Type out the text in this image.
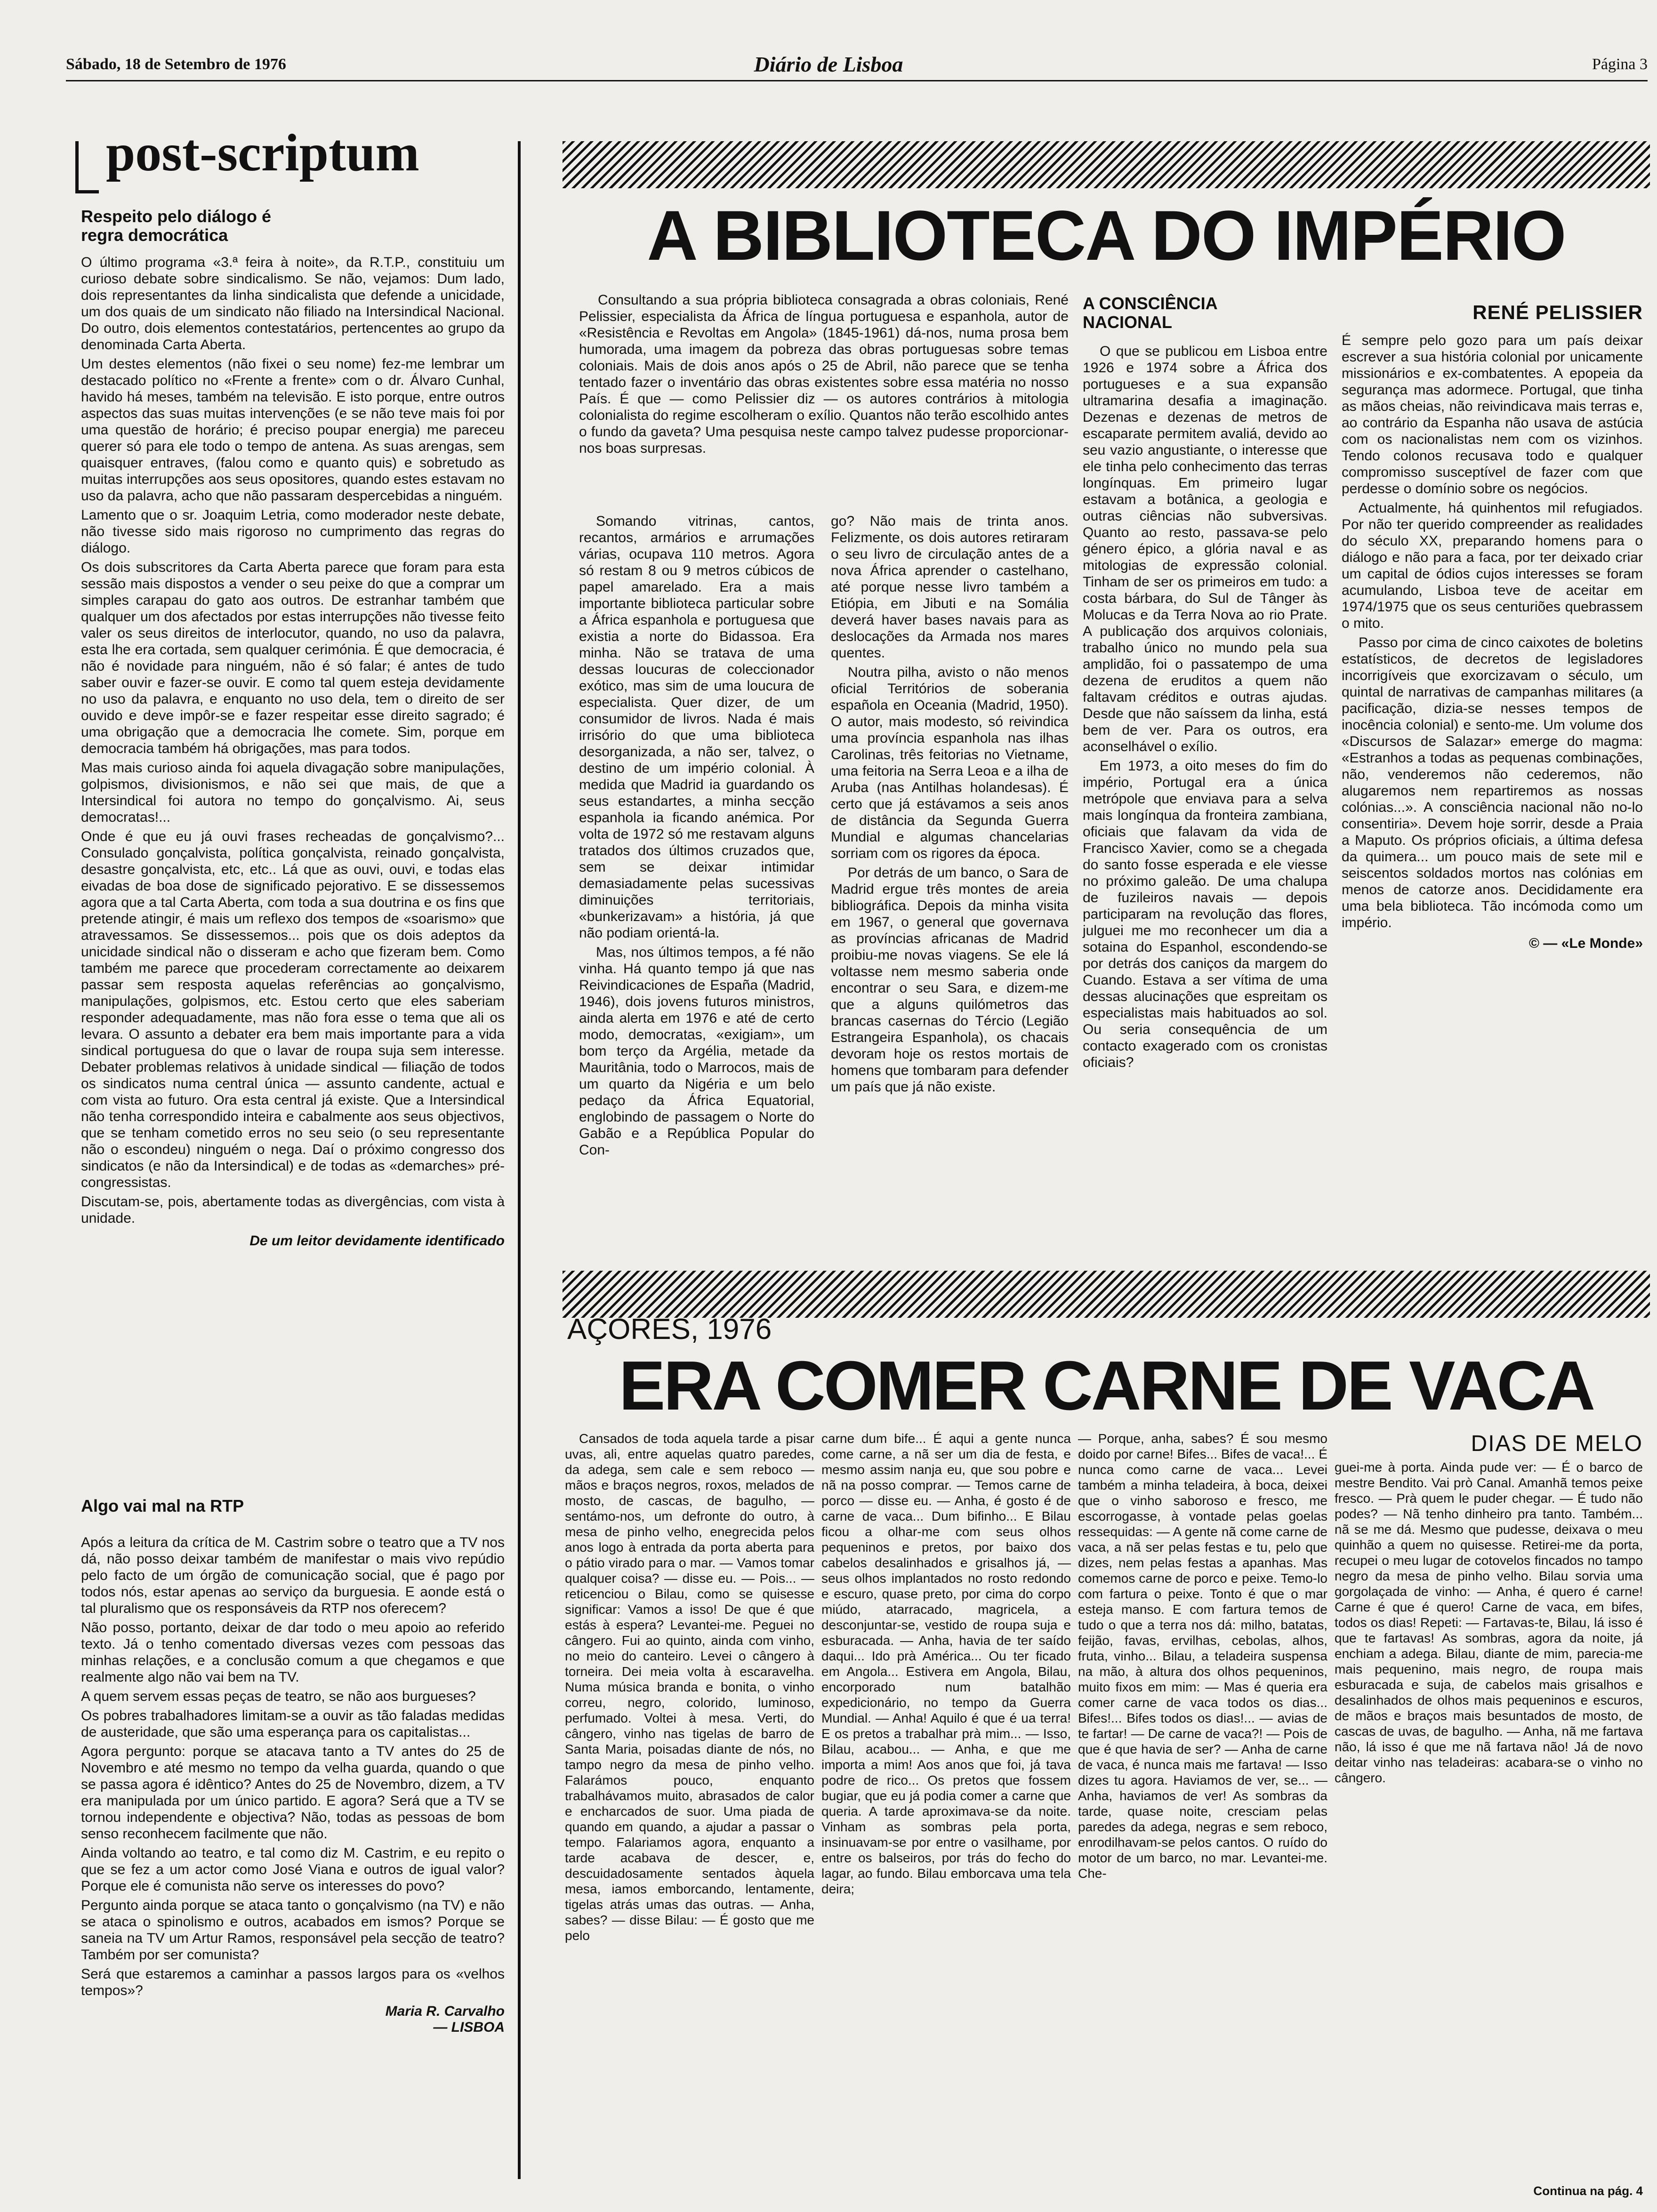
Sábado, 18 de Setembro de 1976	Diário de Lisboa	Página 3
post-scriptum
Respeito pelo diálogo é regra democrática

O último programa «3.ª feira à noite», da R.T.P., constituiu um curioso debate sobre sindicalismo. Se não, vejamos: Dum lado, dois representantes da linha sindicalista que defende a unicidade, um dos quais de um sindicato não filiado na Intersindical Nacional. Do outro, dois elementos contestatários, pertencentes ao grupo da denominada Carta Aberta.

Um destes elementos (não fixei o seu nome) fez-me lembrar um destacado político no «Frente a frente» com o dr. Álvaro Cunhal, havido há meses, também na televisão. E isto porque, entre outros aspectos das suas muitas intervenções (e se não teve mais foi por uma questão de horário; é preciso poupar energia) me pareceu querer só para ele todo o tempo de antena. As suas arengas, sem quaisquer entraves, (falou como e quanto quis) e sobretudo as muitas interrupções aos seus opositores, quando estes estavam no uso da palavra, acho que não passaram despercebidas a ninguém.

Lamento que o sr. Joaquim Letria, como moderador neste debate, não tivesse sido mais rigoroso no cumprimento das regras do diálogo.

Os dois subscritores da Carta Aberta parece que foram para esta sessão mais dispostos a vender o seu peixe do que a comprar um simples carapau do gato aos outros. De estranhar também que qualquer um dos afectados por estas interrupções não tivesse feito valer os seus direitos de interlocutor, quando, no uso da palavra, esta lhe era cortada, sem qualquer cerimónia. É que democracia, é não é novidade para ninguém, não é só falar; é antes de tudo saber ouvir e fazer-se ouvir. E como tal quem esteja devidamente no uso da palavra, e enquanto no uso dela, tem o direito de ser ouvido e deve impôr-se e fazer respeitar esse direito sagrado; é uma obrigação que a democracia lhe comete. Sim, porque em democracia também há obrigações, mas para todos.

Mas mais curioso ainda foi aquela divagação sobre manipulações, golpismos, divisionismos, e não sei que mais, de que a Intersindical foi autora no tempo do gonçalvismo. Ai, seus democratas!...

Onde é que eu já ouvi frases recheadas de gonçalvismo?... Consulado gonçalvista, política gonçalvista, reinado gonçalvista, desastre gonçalvista, etc, etc.. Lá que as ouvi, ouvi, e todas elas eivadas de boa dose de significado pejorativo. E se dissessemos agora que a tal Carta Aberta, com toda a sua doutrina e os fins que pretende atingir, é mais um reflexo dos tempos de «soarismo» que atravessamos. Se dissessemos... pois que os dois adeptos da unicidade sindical não o disseram e acho que fizeram bem. Como também me parece que procederam correctamente ao deixarem passar sem resposta aquelas referências ao gonçalvismo, manipulações, golpismos, etc. Estou certo que eles saberiam responder adequadamente, mas não fora esse o tema que ali os levara. O assunto a debater era bem mais importante para a vida sindical portuguesa do que o lavar de roupa suja sem interesse. Debater problemas relativos à unidade sindical — filiação de todos os sindicatos numa central única — assunto candente, actual e com vista ao futuro. Ora esta central já existe. Que a Intersindical não tenha correspondido inteira e cabalmente aos seus objectivos, que se tenham cometido erros no seu seio (o seu representante não o escondeu) ninguém o nega. Daí o próximo congresso dos sindicatos (e não da Intersindical) e de todas as «demarches» pré-congressistas.

Discutam-se, pois, abertamente todas as divergências, com vista à unidade.

De um leitor devidamente identificado
Algo vai mal na RTP

Após a leitura da crítica de M. Castrim sobre o teatro que a TV nos dá, não posso deixar também de manifestar o mais vivo repúdio pelo facto de um órgão de comunicação social, que é pago por todos nós, estar apenas ao serviço da burguesia. E aonde está o tal pluralismo que os responsáveis da RTP nos oferecem?

Não posso, portanto, deixar de dar todo o meu apoio ao referido texto. Já o tenho comentado diversas vezes com pessoas das minhas relações, e a conclusão comum a que chegamos e que realmente algo não vai bem na TV.

A quem servem essas peças de teatro, se não aos burgueses?

Os pobres trabalhadores limitam-se a ouvir as tão faladas medidas de austeridade, que são uma esperança para os capitalistas...

Agora pergunto: porque se atacava tanto a TV antes do 25 de Novembro e até mesmo no tempo da velha guarda, quando o que se passa agora é idêntico? Antes do 25 de Novembro, dizem, a TV era manipulada por um único partido. E agora? Será que a TV se tornou independente e objectiva? Não, todas as pessoas de bom senso reconhecem facilmente que não.

Ainda voltando ao teatro, e tal como diz M. Castrim, e eu repito o que se fez a um actor como José Viana e outros de igual valor? Porque ele é comunista não serve os interesses do povo?

Pergunto ainda porque se ataca tanto o gonçalvismo (na TV) e não se ataca o spinolismo e outros, acabados em ismos? Porque se saneia na TV um Artur Ramos, responsável pela secção de teatro? Também por ser comunista?

Será que estaremos a caminhar a passos largos para os «velhos tempos»?

Maria R. Carvalho
— LISBOA
A BIBLIOTECA DO IMPÉRIO

Consultando a sua própria biblioteca consagrada a obras coloniais, René Pelissier, especialista da África de língua portuguesa e espanhola, autor de «Resistência e Revoltas em Angola» (1845-1961) dá-nos, numa prosa bem humorada, uma imagem da pobreza das obras portuguesas sobre temas coloniais. Mais de dois anos após o 25 de Abril, não parece que se tenha tentado fazer o inventário das obras existentes sobre essa matéria no nosso País. É que — como Pelissier diz — os autores contrários à mitologia colonialista do regime escolheram o exílio. Quantos não terão escolhido antes o fundo da gaveta? Uma pesquisa neste campo talvez pudesse proporcionar-nos boas surpresas.

Somando vitrinas, cantos, recantos, armários e arrumações várias, ocupava 110 metros. Agora só restam 8 ou 9 metros cúbicos de papel amarelado. Era a mais importante biblioteca particular sobre a África espanhola e portuguesa que existia a norte do Bidassoa. Era minha. Não se tratava de uma dessas loucuras de coleccionador exótico, mas sim de uma loucura de especialista. Quer dizer, de um consumidor de livros. Nada é mais irrisório do que uma biblioteca desorganizada, a não ser, talvez, o destino de um império colonial. À medida que Madrid ia guardando os seus estandartes, a minha secção espanhola ia ficando anémica. Por volta de 1972 só me restavam alguns tratados dos últimos cruzados que, sem se deixar intimidar demasiadamente pelas sucessivas diminuições territoriais, «bunkerizavam» a história, já que não podiam orientá-la.

Mas, nos últimos tempos, a fé não vinha. Há quanto tempo já que nas Reivindicaciones de España (Madrid, 1946), dois jovens futuros ministros, ainda alerta em 1976 e até de certo modo, democratas, «exigiam», um bom terço da Argélia, metade da Mauritânia, todo o Marrocos, mais de um quarto da Nigéria e um belo pedaço da África Equatorial, englobindo de passagem o Norte do Gabão e a República Popular do Con-

go? Não mais de trinta anos. Felizmente, os dois autores retiraram o seu livro de circulação antes de a nova África aprender o castelhano, até porque nesse livro também a Etiópia, em Jibuti e na Somália deverá haver bases navais para as deslocações da Armada nos mares quentes.

Noutra pilha, avisto o não menos oficial Territórios de soberania española en Oceania (Madrid, 1950). O autor, mais modesto, só reivindica uma província espanhola nas ilhas Carolinas, três feitorias no Vietname, uma feitoria na Serra Leoa e a ilha de Aruba (nas Antilhas holandesas). É certo que já estávamos a seis anos de distância da Segunda Guerra Mundial e algumas chancelarias sorriam com os rigores da época.

Por detrás de um banco, o Sara de Madrid ergue três montes de areia bibliográfica. Depois da minha visita em 1967, o general que governava as províncias africanas de Madrid proibiu-me novas viagens. Se ele lá voltasse nem mesmo saberia onde encontrar o seu Sara, e dizem-me que a alguns quilómetros das brancas casernas do Tércio (Legião Estrangeira Espanhola), os chacais devoram hoje os restos mortais de homens que tombaram para defender um país que já não existe.

A CONSCIÊNCIA NACIONAL

O que se publicou em Lisboa entre 1926 e 1974 sobre a África dos portugueses e a sua expansão ultramarina desafia a imaginação. Dezenas e dezenas de metros de escaparate permitem avaliá, devido ao seu vazio angustiante, o interesse que ele tinha pelo conhecimento das terras longínquas. Em primeiro lugar estavam a botânica, a geologia e outras ciências não subversivas. Quanto ao resto, passava-se pelo género épico, a glória naval e as mitologias de expressão colonial. Tinham de ser os primeiros em tudo: a costa bárbara, do Sul de Tânger às Molucas e da Terra Nova ao rio Prate. A publicação dos arquivos coloniais, trabalho único no mundo pela sua amplidão, foi o passatempo de uma dezena de eruditos a quem não faltavam créditos e outras ajudas. Desde que não saíssem da linha, está bem de ver. Para os outros, era aconselhável o exílio.

Em 1973, a oito meses do fim do império, Portugal era a única metrópole que enviava para a selva mais longínqua da fronteira zambiana, oficiais que falavam da vida de Francisco Xavier, como se a chegada do santo fosse esperada e ele viesse no próximo galeão. De uma chalupa de fuzileiros navais — depois participaram na revolução das flores, julguei me mo reconhecer um dia a sotaina do Espanhol, escondendo-se por detrás dos caniços da margem do Cuando. Estava a ser vítima de uma dessas alucinações que espreitam os especialistas mais habituados ao sol. Ou seria consequência de um contacto exagerado com os cronistas oficiais?

RENÉ PELISSIER

É sempre pelo gozo para um país deixar escrever a sua história colonial por unicamente missionários e ex-combatentes. A epopeia da segurança mas adormece. Portugal, que tinha as mãos cheias, não reivindicava mais terras e, ao contrário da Espanha não usava de astúcia com os nacionalistas nem com os vizinhos. Tendo colonos recusava todo e qualquer compromisso susceptível de fazer com que perdesse o domínio sobre os negócios.

Actualmente, há quinhentos mil refugiados. Por não ter querido compreender as realidades do século XX, preparando homens para o diálogo e não para a faca, por ter deixado criar um capital de ódios cujos interesses se foram acumulando, Lisboa teve de aceitar em 1974/1975 que os seus centuriões quebrassem o mito.

Passo por cima de cinco caixotes de boletins estatísticos, de decretos de legisladores incorrigíveis que exorcizavam o século, um quintal de narrativas de campanhas militares (a pacificação, dizia-se nesses tempos de inocência colonial) e sento-me. Um volume dos «Discursos de Salazar» emerge do magma: «Estranhos a todas as pequenas combinações, não, venderemos não cederemos, não alugaremos nem repartiremos as nossas colónias...». A consciência nacional não no-lo consentiria». Devem hoje sorrir, desde a Praia a Maputo. Os próprios oficiais, a última defesa da quimera... um pouco mais de sete mil e seiscentos soldados mortos nas colónias em menos de catorze anos. Decididamente era uma bela biblioteca. Tão incómoda como um império.

© — «Le Monde»
AÇORES, 1976
ERA COMER CARNE DE VACA

Cansados de toda aquela tarde a pisar uvas, ali, entre aquelas quatro paredes, da adega, sem cale e sem reboco — mãos e braços negros, roxos, melados de mosto, de cascas, de bagulho, — sentámo-nos, um defronte do outro, à mesa de pinho velho, enegrecida pelos anos logo à entrada da porta aberta para o pátio virado para o mar. — Vamos tomar qualquer coisa? — disse eu. — Pois... — reticenciou o Bilau, como se quisesse significar: Vamos a isso! De que é que estás à espera? Levantei-me. Peguei no cângero. Fui ao quinto, ainda com vinho, no meio do canteiro. Levei o cângero à torneira. Dei meia volta à escaravelha. Numa música branda e bonita, o vinho correu, negro, colorido, luminoso, perfumado. Voltei à mesa. Verti, do cângero, vinho nas tigelas de barro de Santa Maria, poisadas diante de nós, no tampo negro da mesa de pinho velho. Falarámos pouco, enquanto trabalhávamos muito, abrasados de calor e encharcados de suor. Uma piada de quando em quando, a ajudar a passar o tempo. Falariamos agora, enquanto a tarde acabava de descer, e, descuidadosamente sentados àquela mesa, iamos emborcando, lentamente, tigelas atrás umas das outras. — Anha, sabes? — disse Bilau: — É gosto que me pelo

carne dum bife... É aqui a gente nunca come carne, a nã ser um dia de festa, e mesmo assim nanja eu, que sou pobre e nã na posso comprar. — Temos carne de porco — disse eu. — Anha, é gosto é de carne de vaca... Dum bifinho... E Bilau ficou a olhar-me com seus olhos pequeninos e pretos, por baixo dos cabelos desalinhados e grisalhos já, — seus olhos implantados no rosto redondo e escuro, quase preto, por cima do corpo miúdo, atarracado, magricela, a desconjuntar-se, vestido de roupa suja e esburacada. — Anha, havia de ter saído daqui... Ido prà América... Ou ter ficado em Angola... Estivera em Angola, Bilau, encorporado num batalhão expedicionário, no tempo da Guerra Mundial. — Anha! Aquilo é que é ua terra! E os pretos a trabalhar prà mim... — Isso, Bilau, acabou... — Anha, e que me importa a mim! Aos anos que foi, já tava podre de rico... Os pretos que fossem bugiar, que eu já podia comer a carne que queria. A tarde aproximava-se da noite. Vinham as sombras pela porta, insinuavam-se por entre o vasilhame, por entre os balseiros, por trás do fecho do lagar, ao fundo. Bilau emborcava uma tela deira;

— Porque, anha, sabes? É sou mesmo doido por carne! Bifes... Bifes de vaca!... É nunca como carne de vaca... Levei também a minha teladeira, à boca, deixei que o vinho saboroso e fresco, me escorrogasse, à vontade pelas goelas ressequidas: — A gente nã come carne de vaca, a nã ser pelas festas e tu, pelo que dizes, nem pelas festas a apanhas. Mas comemos carne de porco e peixe. Temo-lo com fartura o peixe. Tonto é que o mar esteja manso. E com fartura temos de tudo o que a terra nos dá: milho, batatas, feijão, favas, ervilhas, cebolas, alhos, fruta, vinho... Bilau, a teladeira suspensa na mão, à altura dos olhos pequeninos, muito fixos em mim: — Mas é queria era comer carne de vaca todos os dias... Bifes!... Bifes todos os dias!... — avias de te fartar! — De carne de vaca?! — Pois de que é que havia de ser? — Anha de carne de vaca, é nunca mais me fartava! — Isso dizes tu agora. Haviamos de ver, se... — Anha, haviamos de ver! As sombras da tarde, quase noite, cresciam pelas paredes da adega, negras e sem reboco, enrodilhavam-se pelos cantos. O ruído do motor de um barco, no mar. Levantei-me. Che-

DIAS DE MELO

guei-me à porta. Ainda pude ver: — É o barco de mestre Bendito. Vai prò Canal. Amanhã temos peixe fresco. — Prà quem le puder chegar. — É tudo não podes? — Nã tenho dinheiro pra tanto. Também... nã se me dá. Mesmo que pudesse, deixava o meu quinhão a quem no quisesse. Retirei-me da porta, recupei o meu lugar de cotovelos fincados no tampo negro da mesa de pinho velho. Bilau sorvia uma gorgolaçada de vinho: — Anha, é quero é carne! Carne é que é quero! Carne de vaca, em bifes, todos os dias! Repeti: — Fartavas-te, Bilau, lá isso é que te fartavas! As sombras, agora da noite, já enchiam a adega. Bilau, diante de mim, parecia-me mais pequenino, mais negro, de roupa mais esburacada e suja, de cabelos mais grisalhos e desalinhados de olhos mais pequeninos e escuros, de mãos e braços mais besuntados de mosto, de cascas de uvas, de bagulho. — Anha, nã me fartava não, lá isso é que me nã fartava não! Já de novo deitar vinho nas teladeiras: acabara-se o vinho no cângero.

Continua na pág. 4
